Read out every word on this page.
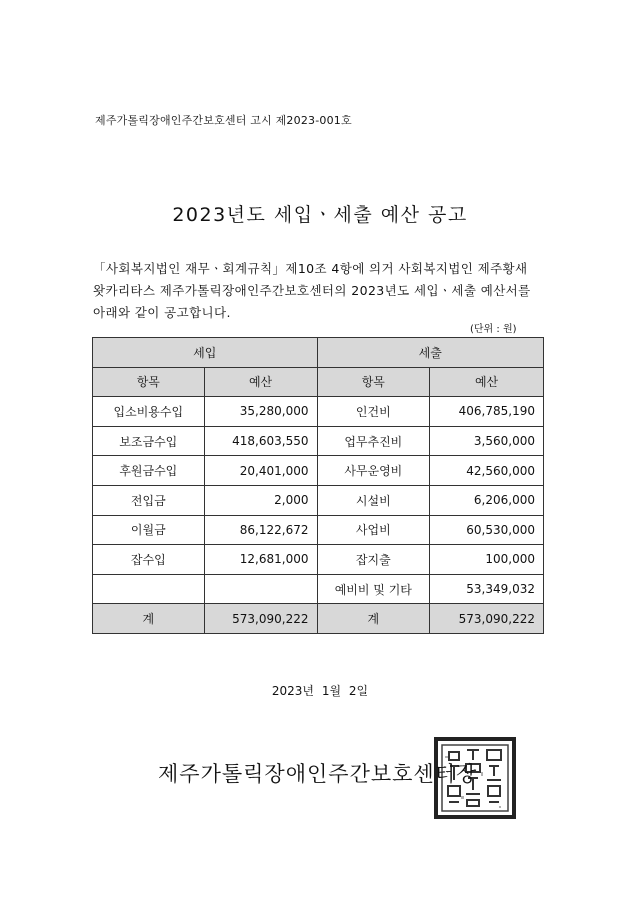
제주가톨릭장애인주간보호센터 고시 제2023-001호
2023년도 세입ㆍ세출 예산 공고

「사회복지법인 재무ㆍ회계규칙」제10조 4항에 의거 사회복지법인 제주황새

왓카리타스 제주가톨릭장애인주간보호센터의 2023년도 세입ㆍ세출 예산서를

아래와 같이 공고합니다.

(단위 : 원)
세입		세출	
항목	예산	항목	예산
입소비용수입	35,280,000	인건비	406,785,190
보조금수입	418,603,550	업무추진비	3,560,000
후원금수입	20,401,000	사무운영비	42,560,000
전입금	2,000	시설비	6,206,000
이월금	86,122,672	사업비	60,530,000
잡수입	12,681,000	잡지출	100,000
		예비비 및 기타	53,349,032
계	573,090,222	계	573,090,222
2023년 1월 2일
제주가톨릭장애인주간보호센터장
